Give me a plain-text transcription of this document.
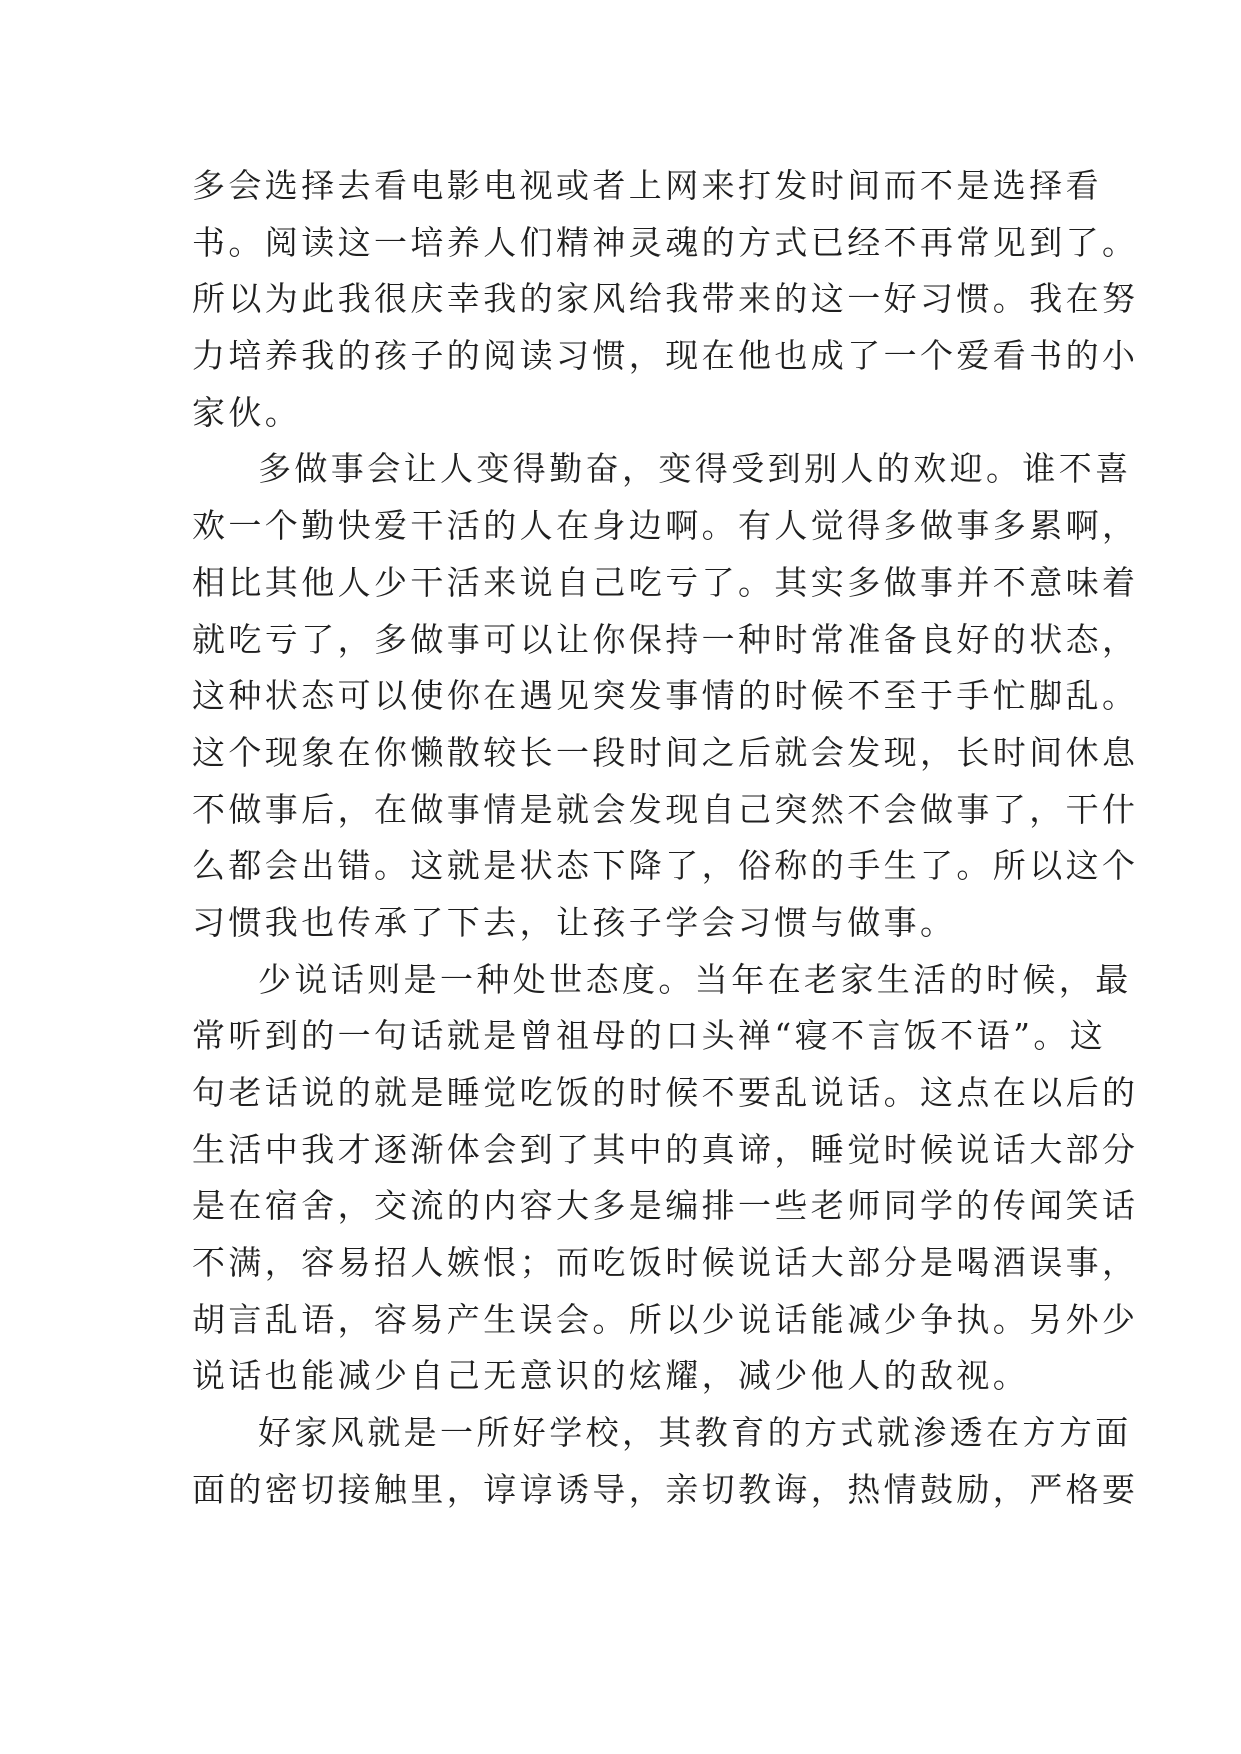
多会选择去看电影电视或者上网来打发时间而不是选择看
书。阅读这一培养人们精神灵魂的方式已经不再常见到了。
所以为此我很庆幸我的家风给我带来的这一好习惯。我在努
力培养我的孩子的阅读习惯，现在他也成了一个爱看书的小
家伙。
多做事会让人变得勤奋，变得受到别人的欢迎。谁不喜
欢一个勤快爱干活的人在身边啊。有人觉得多做事多累啊，
相比其他人少干活来说自己吃亏了。其实多做事并不意味着
就吃亏了，多做事可以让你保持一种时常准备良好的状态，
这种状态可以使你在遇见突发事情的时候不至于手忙脚乱。
这个现象在你懒散较长一段时间之后就会发现，长时间休息
不做事后，在做事情是就会发现自己突然不会做事了，干什
么都会出错。这就是状态下降了，俗称的手生了。所以这个
习惯我也传承了下去，让孩子学会习惯与做事。
少说话则是一种处世态度。当年在老家生活的时候，最
常听到的一句话就是曾祖母的口头禅“寝不言饭不语”。这
句老话说的就是睡觉吃饭的时候不要乱说话。这点在以后的
生活中我才逐渐体会到了其中的真谛，睡觉时候说话大部分
是在宿舍，交流的内容大多是编排一些老师同学的传闻笑话
不满，容易招人嫉恨；而吃饭时候说话大部分是喝酒误事，
胡言乱语，容易产生误会。所以少说话能减少争执。另外少
说话也能减少自己无意识的炫耀，减少他人的敌视。
好家风就是一所好学校，其教育的方式就渗透在方方面
面的密切接触里，谆谆诱导，亲切教诲，热情鼓励，严格要
